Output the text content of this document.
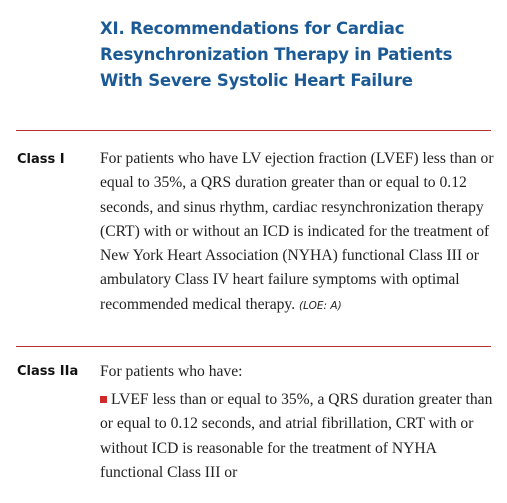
XI. Recommendations for Cardiac Resynchronization Therapy in Patients With Severe Systolic Heart Failure
Class I For patients who have LV ejection fraction (LVEF) less than or equal to 35%, a QRS duration greater than or equal to 0.12 seconds, and sinus rhythm, cardiac resynchronization therapy (CRT) with or without an ICD is indicated for the treatment of New York Heart Association (NYHA) functional Class III or ambulatory Class IV heart failure symptoms with optimal recommended medical therapy. (LOE: A)

Class IIa For patients who have:

LVEF less than or equal to 35%, a QRS duration greater than or equal to 0.12 seconds, and atrial fibrillation, CRT with or without ICD is reasonable for the treatment of NYHA functional Class III or
